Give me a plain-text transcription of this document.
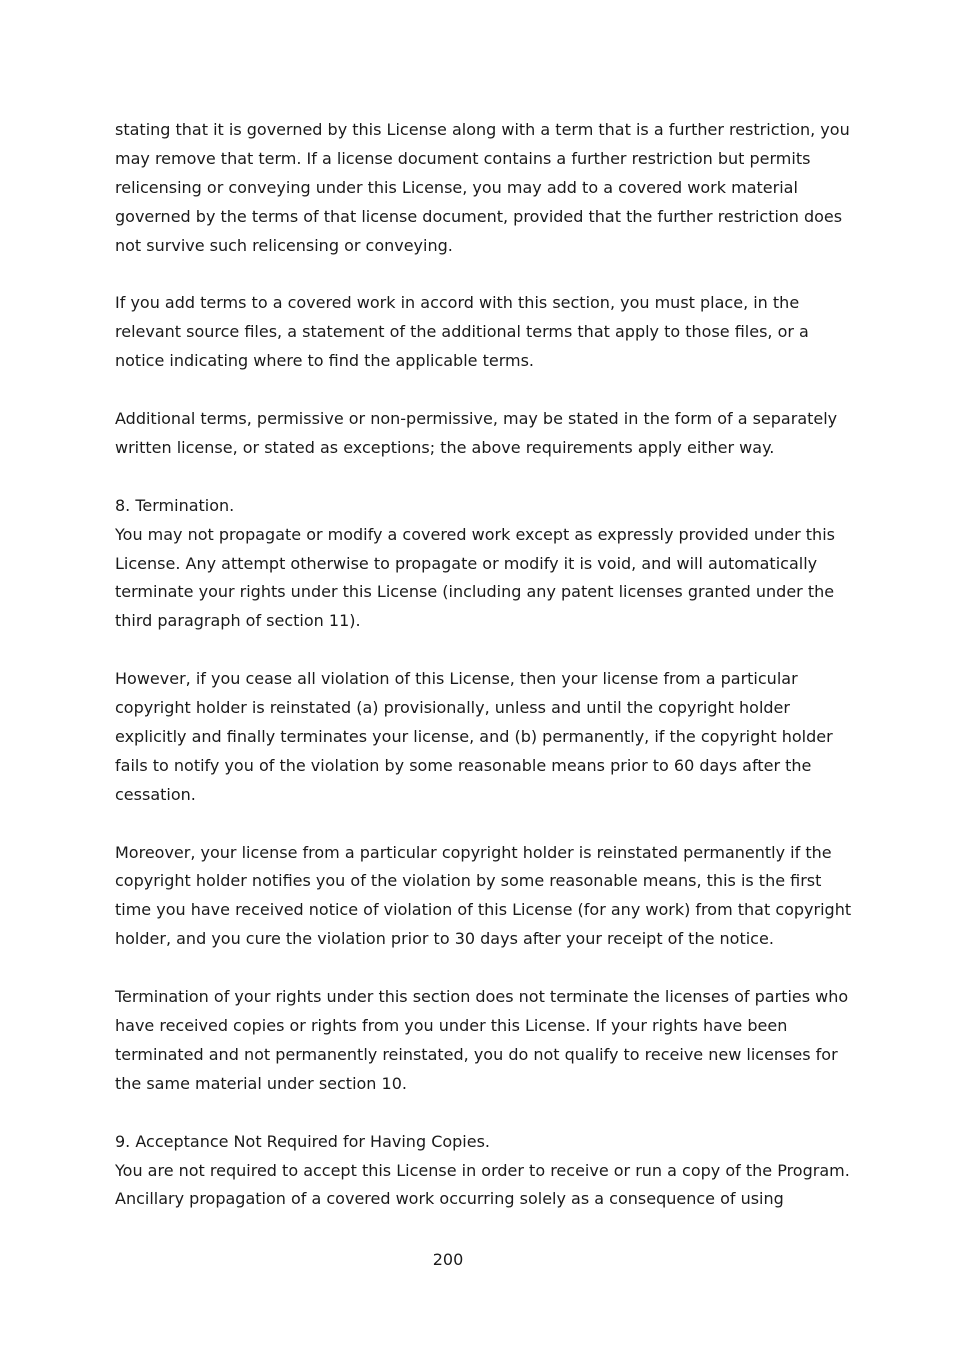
stating that it is governed by this License along with a term that is a further restriction, you
may remove that term. If a license document contains a further restriction but permits
relicensing or conveying under this License, you may add to a covered work material
governed by the terms of that license document, provided that the further restriction does
not survive such relicensing or conveying.

If you add terms to a covered work in accord with this section, you must place, in the
relevant source files, a statement of the additional terms that apply to those files, or a
notice indicating where to find the applicable terms.

Additional terms, permissive or non-permissive, may be stated in the form of a separately
written license, or stated as exceptions; the above requirements apply either way.

8. Termination.

You may not propagate or modify a covered work except as expressly provided under this
License. Any attempt otherwise to propagate or modify it is void, and will automatically
terminate your rights under this License (including any patent licenses granted under the
third paragraph of section 11).

However, if you cease all violation of this License, then your license from a particular
copyright holder is reinstated (a) provisionally, unless and until the copyright holder
explicitly and finally terminates your license, and (b) permanently, if the copyright holder
fails to notify you of the violation by some reasonable means prior to 60 days after the
cessation.

Moreover, your license from a particular copyright holder is reinstated permanently if the
copyright holder notifies you of the violation by some reasonable means, this is the first
time you have received notice of violation of this License (for any work) from that copyright
holder, and you cure the violation prior to 30 days after your receipt of the notice.

Termination of your rights under this section does not terminate the licenses of parties who
have received copies or rights from you under this License. If your rights have been
terminated and not permanently reinstated, you do not qualify to receive new licenses for
the same material under section 10.

9. Acceptance Not Required for Having Copies.

You are not required to accept this License in order to receive or run a copy of the Program.
Ancillary propagation of a covered work occurring solely as a consequence of using

200
